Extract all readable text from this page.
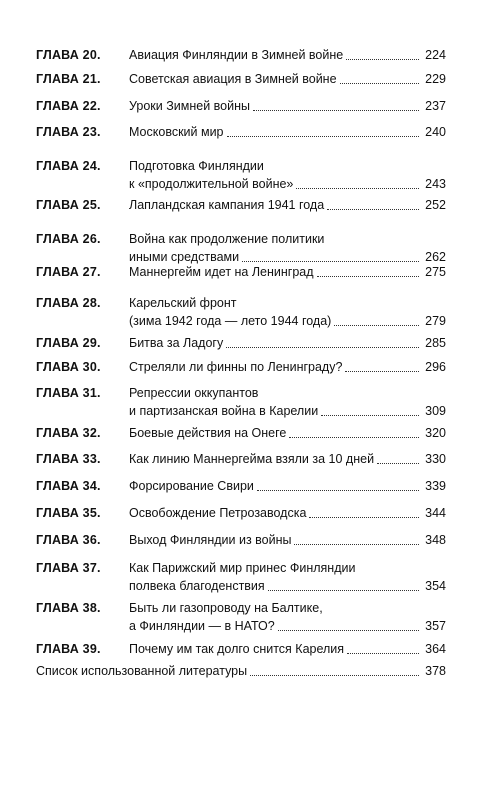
ГЛАВА 20. Авиация Финляндии в Зимней войне	224
ГЛАВА 21. Советская авиация в Зимней войне	229
ГЛАВА 22. Уроки Зимней войны	237
ГЛАВА 23. Московский мир	240
ГЛАВА 24. Подготовка Финляндии
к «продолжительной войне»	243
ГЛАВА 25. Лапландская кампания 1941 года	252
ГЛАВА 26. Война как продолжение политики
иными средствами	262
ГЛАВА 27. Маннергейм идет на Ленинград	275
ГЛАВА 28. Карельский фронт
(зима 1942 года — лето 1944 года)	279
ГЛАВА 29. Битва за Ладогу	285
ГЛАВА 30. Стреляли ли финны по Ленинграду?	296
ГЛАВА 31. Репрессии оккупантов
и партизанская война в Карелии	309
ГЛАВА 32. Боевые действия на Онеге	320
ГЛАВА 33. Как линию Маннергейма взяли за 10 дней	330
ГЛАВА 34. Форсирование Свири	339
ГЛАВА 35. Освобождение Петрозаводска	344
ГЛАВА 36. Выход Финляндии из войны	348
ГЛАВА 37. Как Парижский мир принес Финляндии
полвека благоденствия	354
ГЛАВА 38. Быть ли газопроводу на Балтике,
а Финляндии — в НАТО?	357
ГЛАВА 39. Почему им так долго снится Карелия	364
Список использованной литературы	378
